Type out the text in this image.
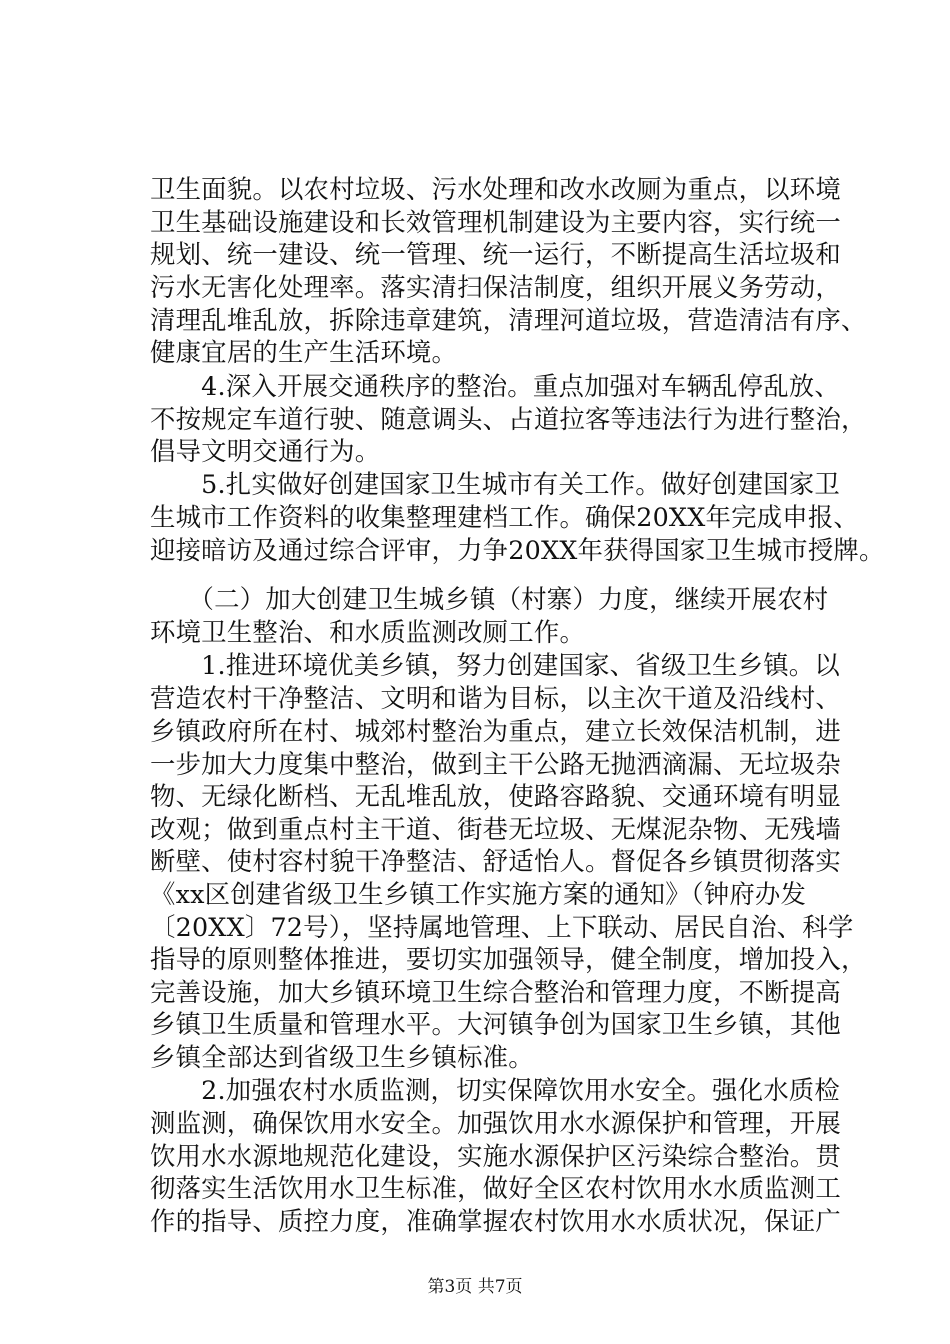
卫生面貌。以农村垃圾、污水处理和改水改厕为重点，以环境
卫生基础设施建设和长效管理机制建设为主要内容，实行统一
规划、统一建设、统一管理、统一运行，不断提高生活垃圾和
污水无害化处理率。落实清扫保洁制度，组织开展义务劳动，
清理乱堆乱放，拆除违章建筑，清理河道垃圾，营造清洁有序、
健康宜居的生产生活环境。
　　4.深入开展交通秩序的整治。重点加强对车辆乱停乱放、
不按规定车道行驶、随意调头、占道拉客等违法行为进行整治，
倡导文明交通行为。
　　5.扎实做好创建国家卫生城市有关工作。做好创建国家卫
生城市工作资料的收集整理建档工作。确保20XX年完成申报、
迎接暗访及通过综合评审，力争20XX年获得国家卫生城市授牌。
　　（二）加大创建卫生城乡镇（村寨）力度，继续开展农村
环境卫生整治、和水质监测改厕工作。
　　1.推进环境优美乡镇，努力创建国家、省级卫生乡镇。以
营造农村干净整洁、文明和谐为目标，以主次干道及沿线村、
乡镇政府所在村、城郊村整治为重点，建立长效保洁机制，进
一步加大力度集中整治，做到主干公路无抛洒滴漏、无垃圾杂
物、无绿化断档、无乱堆乱放，使路容路貌、交通环境有明显
改观；做到重点村主干道、街巷无垃圾、无煤泥杂物、无残墙
断壁、使村容村貌干净整洁、舒适怡人。督促各乡镇贯彻落实
《xx区创建省级卫生乡镇工作实施方案的通知》（钟府办发
〔20XX〕72号），坚持属地管理、上下联动、居民自治、科学
指导的原则整体推进，要切实加强领导，健全制度，增加投入，
完善设施，加大乡镇环境卫生综合整治和管理力度，不断提高
乡镇卫生质量和管理水平。大河镇争创为国家卫生乡镇，其他
乡镇全部达到省级卫生乡镇标准。
　　2.加强农村水质监测，切实保障饮用水安全。强化水质检
测监测，确保饮用水安全。加强饮用水水源保护和管理，开展
饮用水水源地规范化建设，实施水源保护区污染综合整治。贯
彻落实生活饮用水卫生标准，做好全区农村饮用水水质监测工
作的指导、质控力度，准确掌握农村饮用水水质状况，保证广
第3页 共7页
